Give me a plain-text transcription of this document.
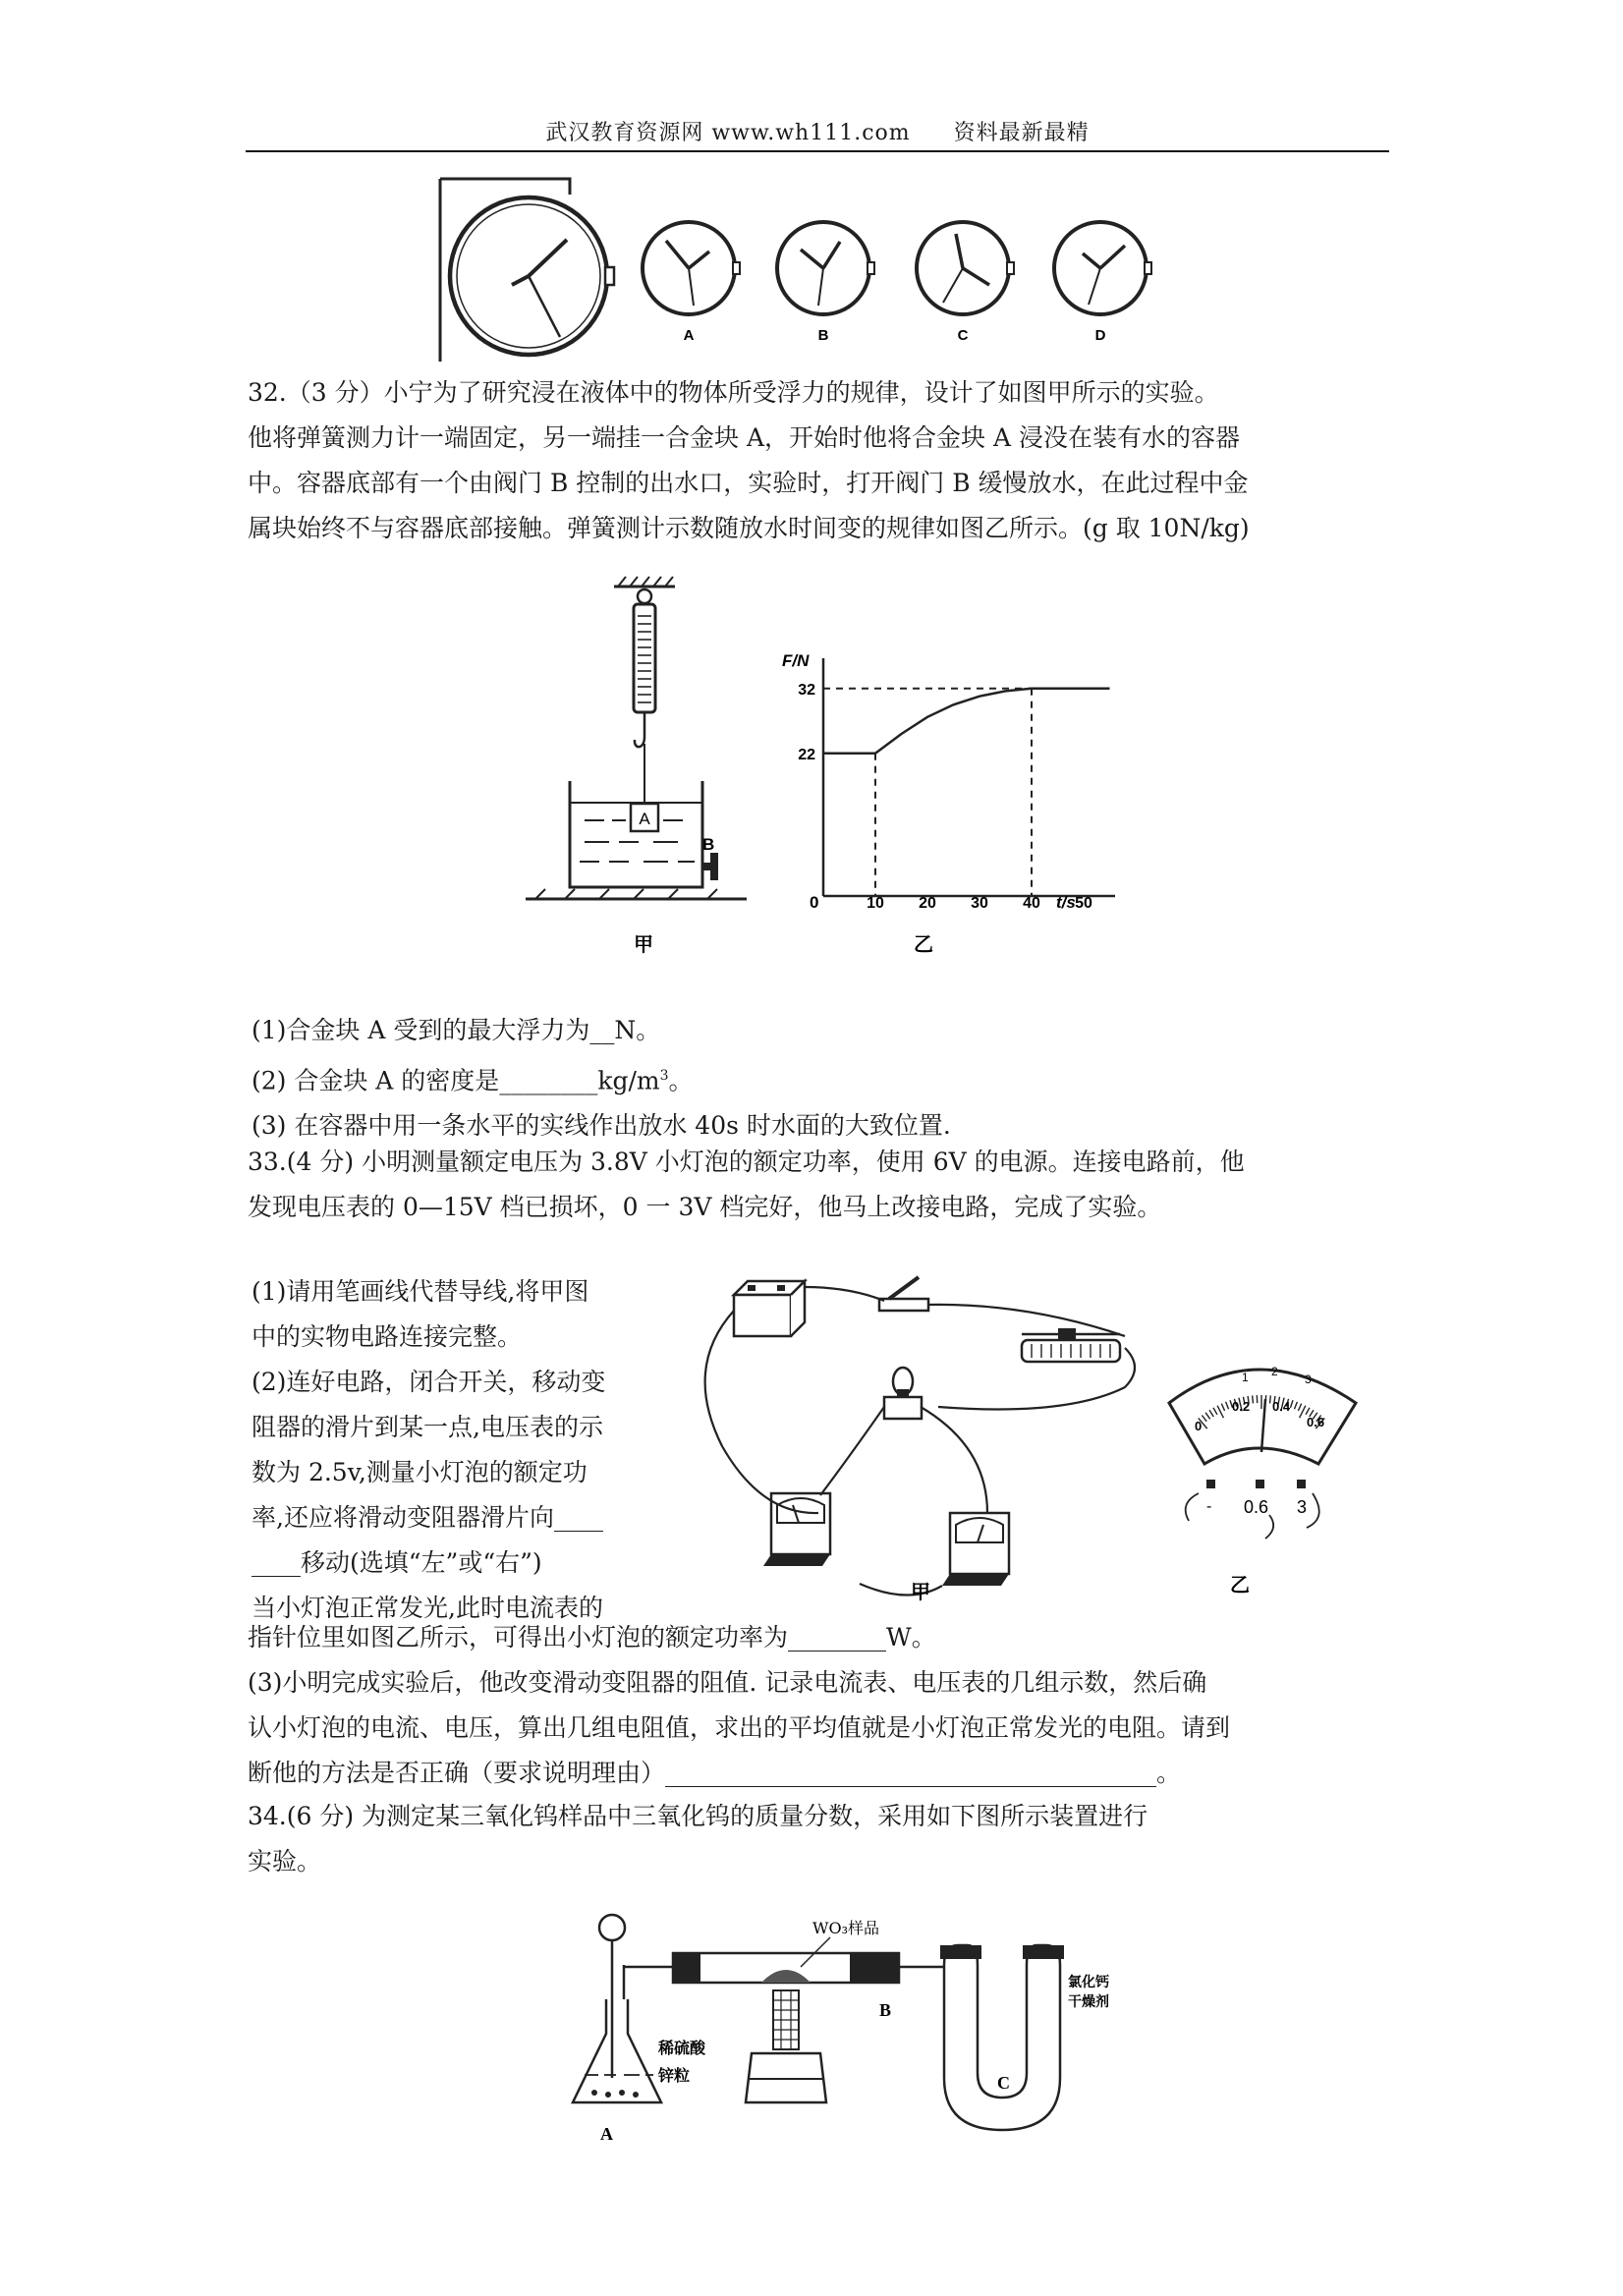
武汉教育资源网 www.wh111.com 资料最新最精
A	B	C	D
32.（3 分）小宁为了研究浸在液体中的物体所受浮力的规律，设计了如图甲所示的实验。
他将弹簧测力计一端固定，另一端挂一合金块 A，开始时他将合金块 A 浸没在装有水的容器
中。容器底部有一个由阀门 B 控制的出水口，实验时，打开阀门 B 缓慢放水，在此过程中金
属块始终不与容器底部接触。弹簧测计示数随放水时间变的规律如图乙所示。(g 取 10N/kg)
A
B
甲
F/N
t/s
0	10 20 30 40 50
22
32
乙
(1)合金块 A 受到的最大浮力为__N。
(2) 合金块 A 的密度是$\_\_\_\_\_\_\_\_kg/m^3$。
(3) 在容器中用一条水平的实线作出放水 40s 时水面的大致位置.
33.(4 分) 小明测量额定电压为 3.8V 小灯泡的额定功率，使用 6V 的电源。连接电路前，他
发现电压表的 0—15V 档已损坏，0 一 3V 档完好，他马上改接电路，完成了实验。
(1)请用笔画线代替导线,将甲图
中的实物电路连接完整。
(2)连好电路，闭合开关，移动变
阻器的滑片到某一点,电压表的示
数为 2.5v,测量小灯泡的额定功
率,还应将滑动变阻器滑片向____
____移动(选填“左”或“右”)
当小灯泡正常发光,此时电流表的
甲
0
0.2 0.4
0.6
1 2
3
- 0.6 3
乙
指针位里如图乙所示，可得出小灯泡的额定功率为________W。
(3)小明完成实验后，他改变滑动变阻器的阻值. 记录电流表、电压表的几组示数，然后确
认小灯泡的电流、电压，算出几组电阻值，求出的平均值就是小灯泡正常发光的电阻。请到
断他的方法是否正确（要求说明理由）________________________________________。
34.(6 分) 为测定某三氧化钨样品中三氧化钨的质量分数，采用如下图所示装置进行
实验。
WO₃样品
稀硫酸
锌粒
B
氯化钙
干燥剂
C
A
